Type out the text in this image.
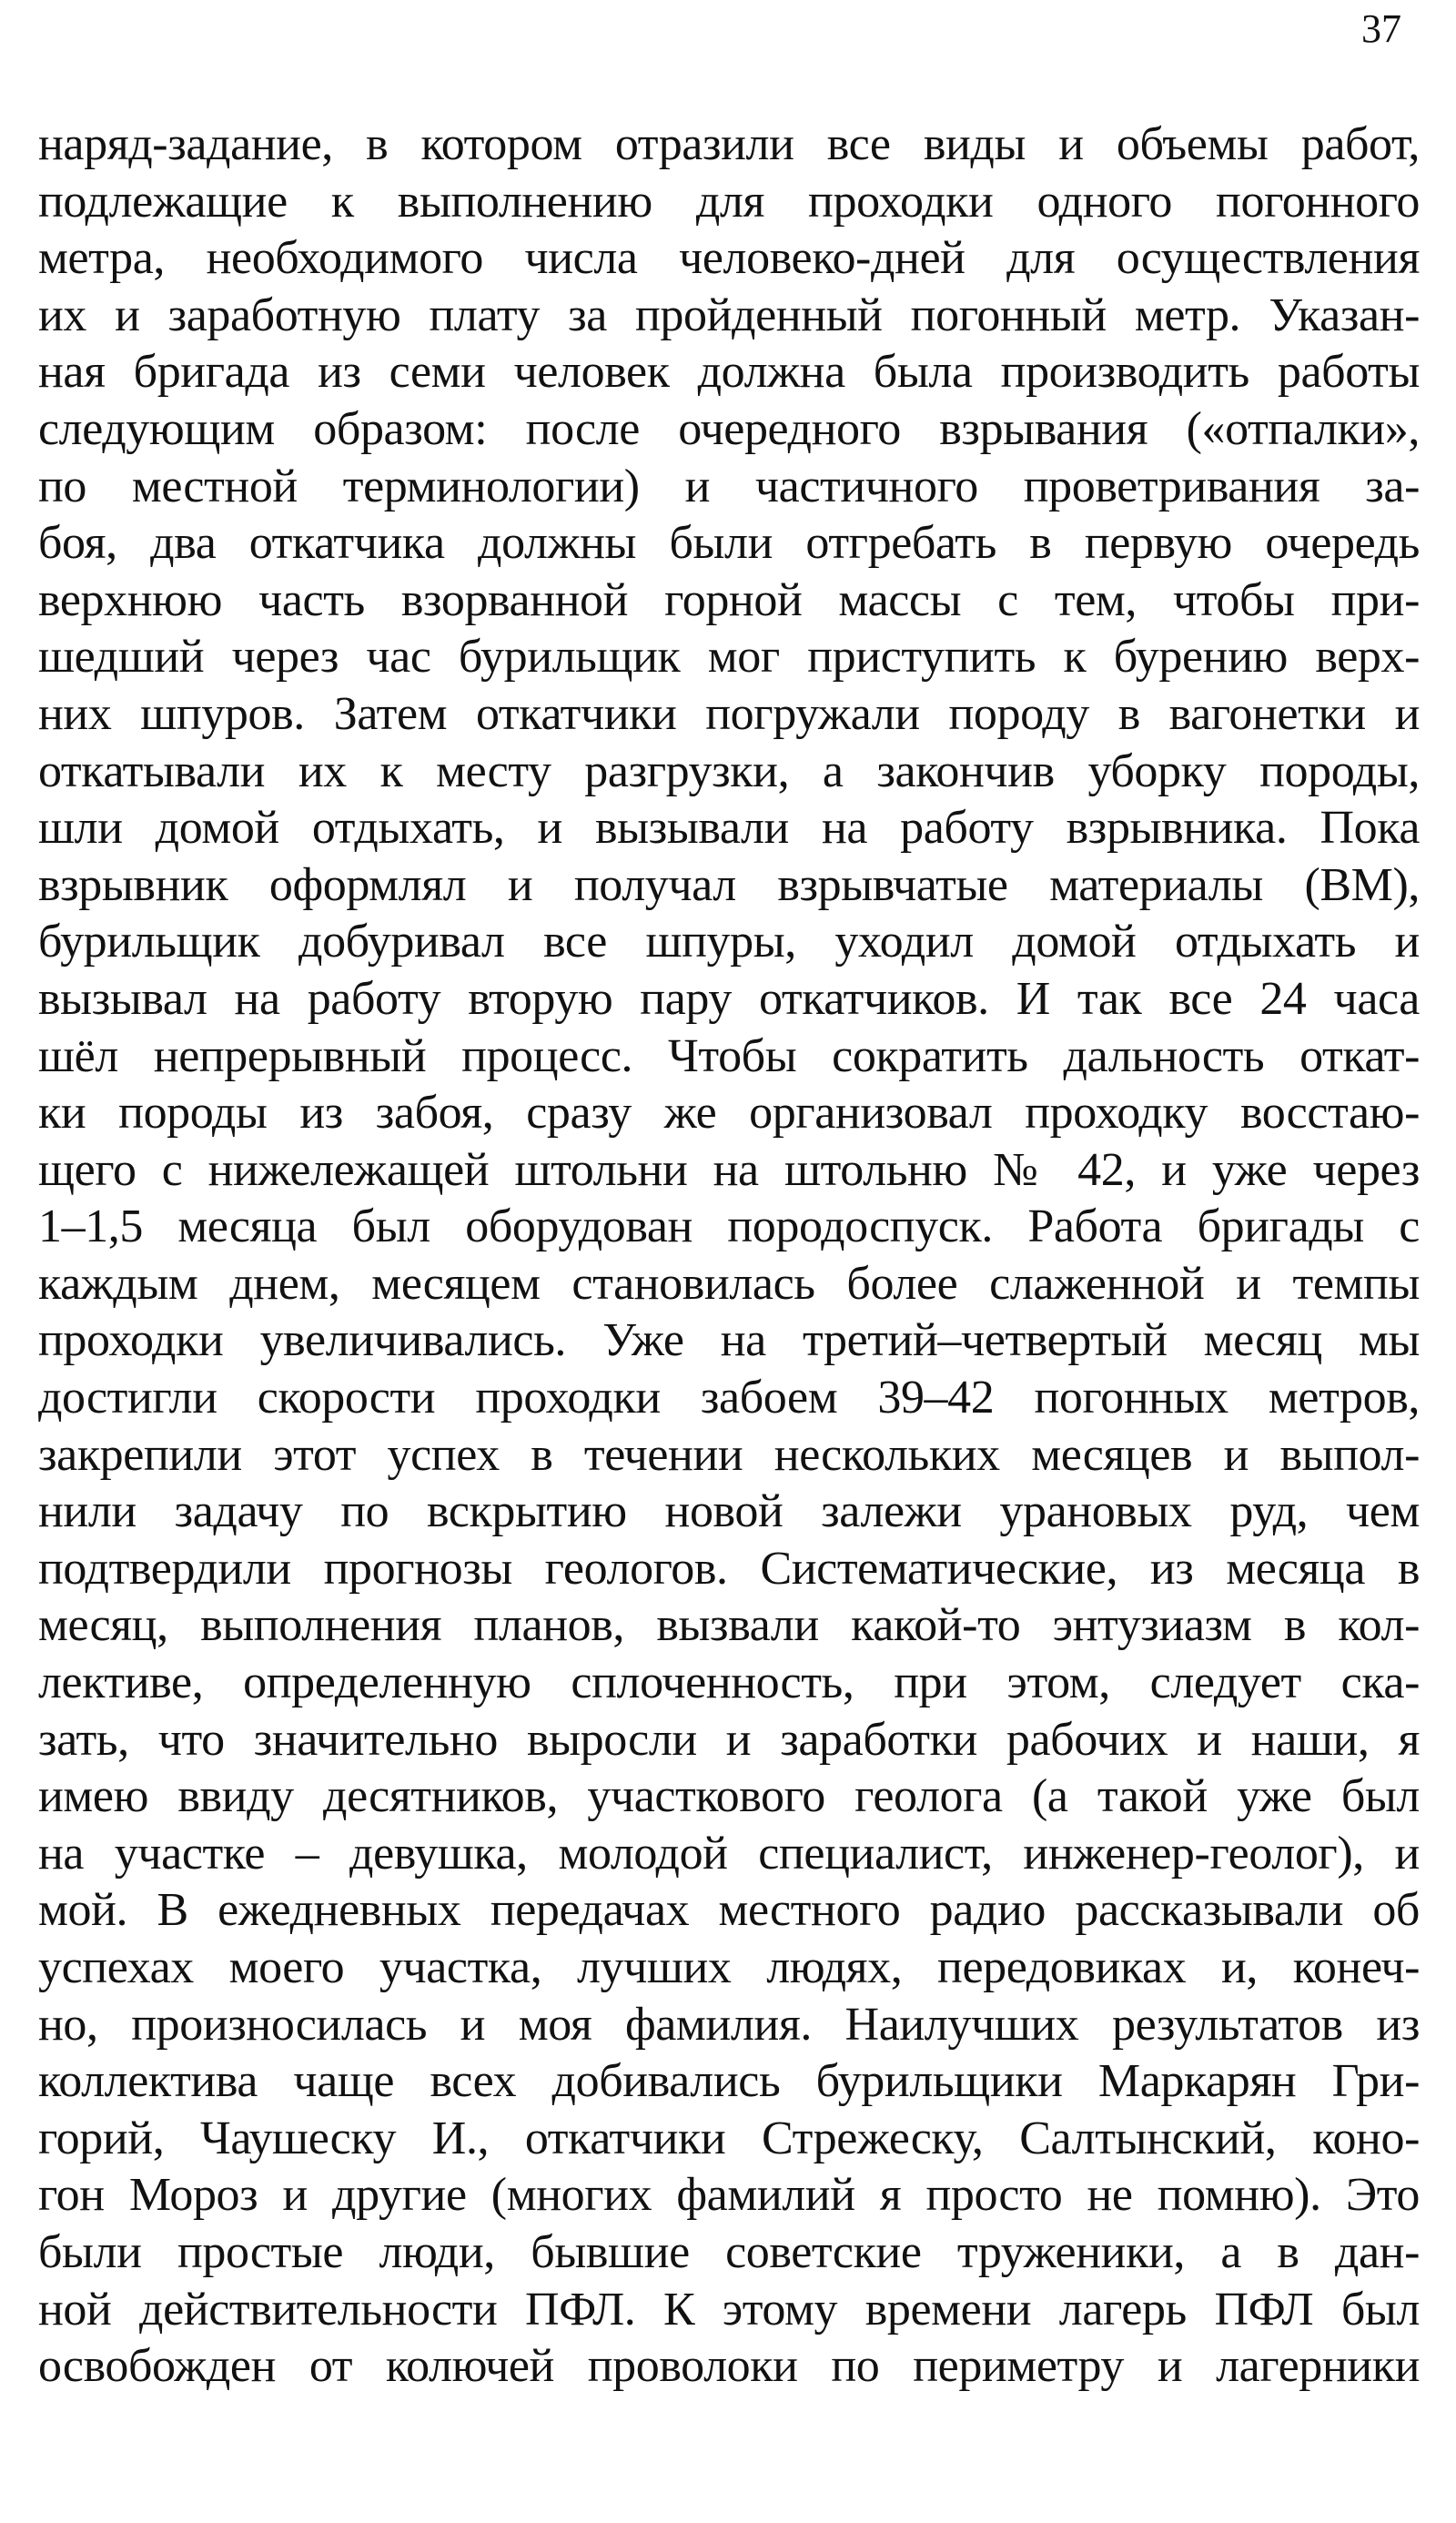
37
наряд-задание, в котором отразили все виды и объемы работ,
подлежащие к выполнению для проходки одного погонного
метра, необходимого числа человеко-дней для осуществления
их и заработную плату за пройденный погонный метр. Указан-
ная бригада из семи человек должна была производить работы
следующим образом: после очередного взрывания («отпалки»,
по местной терминологии) и частичного проветривания за-
боя, два откатчика должны были отгребать в первую очередь
верхнюю часть взорванной горной массы с тем, чтобы при-
шедший через час бурильщик мог приступить к бурению верх-
них шпуров. Затем откатчики погружали породу в вагонетки и
откатывали их к месту разгрузки, а закончив уборку породы,
шли домой отдыхать, и вызывали на работу взрывника. Пока
взрывник оформлял и получал взрывчатые материалы (ВМ),
бурильщик добуривал все шпуры, уходил домой отдыхать и
вызывал на работу вторую пару откатчиков. И так все 24 часа
шёл непрерывный процесс. Чтобы сократить дальность откат-
ки породы из забоя, сразу же организовал проходку восстаю-
щего с нижележащей штольни на штольню № 42, и уже через
1–1,5 месяца был оборудован породоспуск. Работа бригады с
каждым днем, месяцем становилась более слаженной и темпы
проходки увеличивались. Уже на третий–четвертый месяц мы
достигли скорости проходки забоем 39–42 погонных метров,
закрепили этот успех в течении нескольких месяцев и выпол-
нили задачу по вскрытию новой залежи урановых руд, чем
подтвердили прогнозы геологов. Систематические, из месяца в
месяц, выполнения планов, вызвали какой-то энтузиазм в кол-
лективе, определенную сплоченность, при этом, следует ска-
зать, что значительно выросли и заработки рабочих и наши, я
имею ввиду десятников, участкового геолога (а такой уже был
на участке – девушка, молодой специалист, инженер-геолог), и
мой. В ежедневных передачах местного радио рассказывали об
успехах моего участка, лучших людях, передовиках и, конеч-
но, произносилась и моя фамилия. Наилучших результатов из
коллектива чаще всех добивались бурильщики Маркарян Гри-
горий, Чаушеску И., откатчики Стрежеску, Салтынский, коно-
гон Мороз и другие (многих фамилий я просто не помню). Это
были простые люди, бывшие советские труженики, а в дан-
ной действительности ПФЛ. К этому времени лагерь ПФЛ был
освобожден от колючей проволоки по периметру и лагерники
